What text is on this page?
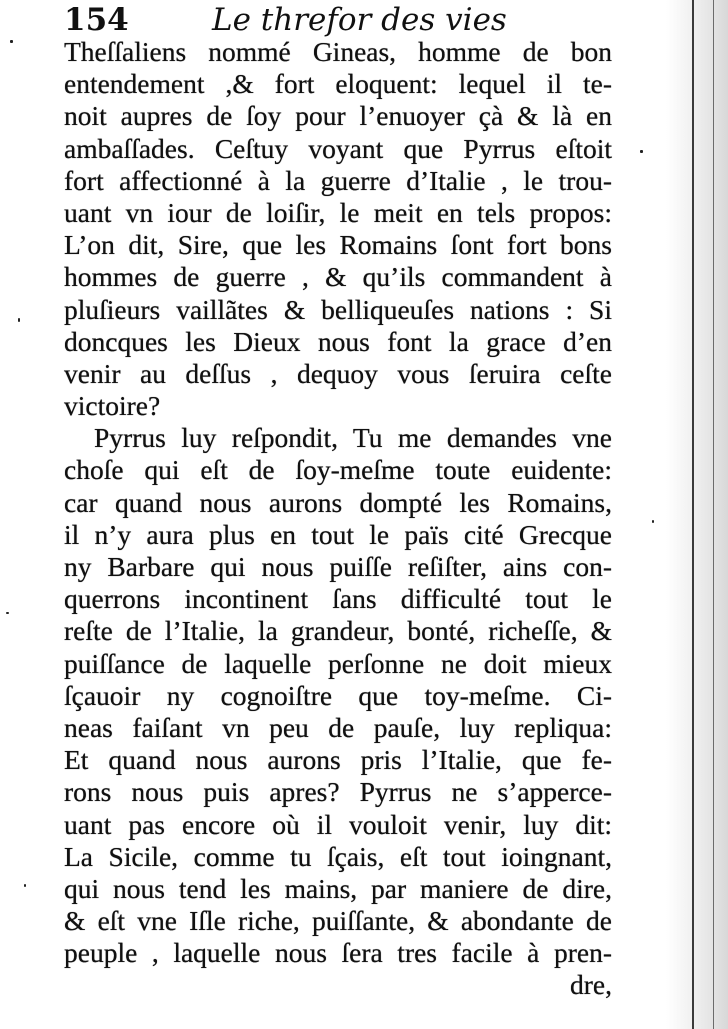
154	Le threfor des vies
Theſſaliens nommé Gineas, homme de bon
entendement ,& fort eloquent: lequel il te-
noit aupres de ſoy pour l’enuoyer çà & là en
ambaſſades. Ceſtuy voyant que Pyrrus eſtoit
fort affectionné à la guerre d’Italie , le trou-
uant vn iour de loiſir, le meit en tels propos:
L’on dit, Sire, que les Romains ſont fort bons
hommes de guerre , & qu’ils commandent à
pluſieurs vaillãtes & belliqueuſes nations : Si
doncques les Dieux nous font la grace d’en
venir au deſſus , dequoy vous ſeruira ceſte
victoire?
Pyrrus luy reſpondit, Tu me demandes vne
choſe qui eſt de ſoy-meſme toute euidente:
car quand nous aurons dompté les Romains,
il n’y aura plus en tout le païs cité Grecque
ny Barbare qui nous puiſſe reſiſter, ains con-
querrons incontinent ſans difficulté tout le
reſte de l’Italie, la grandeur, bonté, richeſſe, &
puiſſance de laquelle perſonne ne doit mieux
ſçauoir ny cognoiſtre que toy-meſme. Ci-
neas faiſant vn peu de pauſe, luy repliqua:
Et quand nous aurons pris l’Italie, que fe-
rons nous puis apres? Pyrrus ne s’apperce-
uant pas encore où il vouloit venir, luy dit:
La Sicile, comme tu ſçais, eſt tout ioingnant,
qui nous tend les mains, par maniere de dire,
& eſt vne Iſle riche, puiſſante, & abondante de
peuple , laquelle nous ſera tres facile à pren-
dre,
